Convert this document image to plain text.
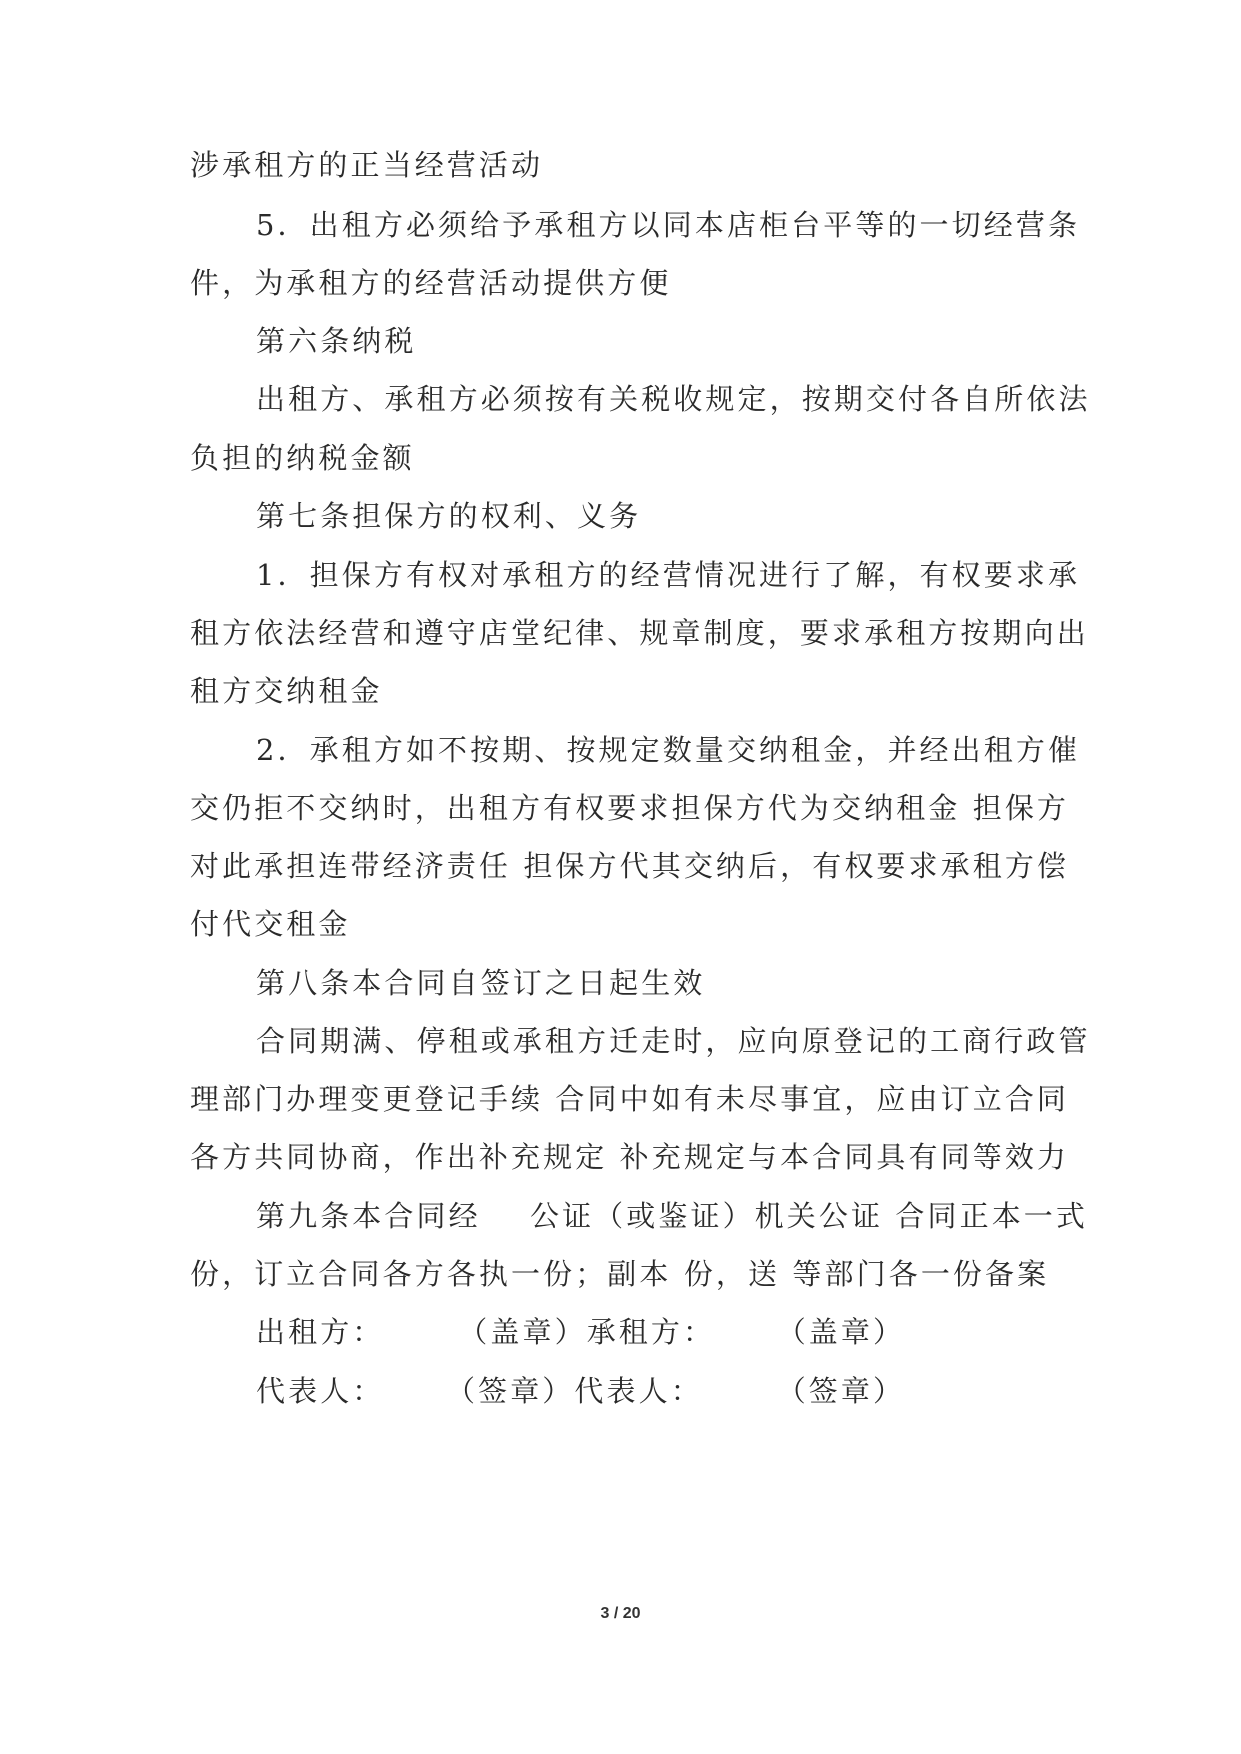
涉承租方的正当经营活动
5．出租方必须给予承租方以同本店柜台平等的一切经营条
件，为承租方的经营活动提供方便
第六条纳税
出租方、承租方必须按有关税收规定，按期交付各自所依法
负担的纳税金额
第七条担保方的权利、义务
1．担保方有权对承租方的经营情况进行了解，有权要求承
租方依法经营和遵守店堂纪律、规章制度，要求承租方按期向出
租方交纳租金
2．承租方如不按期、按规定数量交纳租金，并经出租方催
交仍拒不交纳时，出租方有权要求担保方代为交纳租金 担保方
对此承担连带经济责任 担保方代其交纳后，有权要求承租方偿
付代交租金
第八条本合同自签订之日起生效
合同期满、停租或承租方迁走时，应向原登记的工商行政管
理部门办理变更登记手续 合同中如有未尽事宜，应由订立合同
各方共同协商，作出补充规定 补充规定与本合同具有同等效力
第九条本合同经    公证（或鉴证）机关公证 合同正本一式
份，订立合同各方各执一份；副本 份，送 等部门各一份备案
出租方：      （盖章）承租方：     （盖章）
代表人：     （签章）代表人：      （签章）
3 / 20
